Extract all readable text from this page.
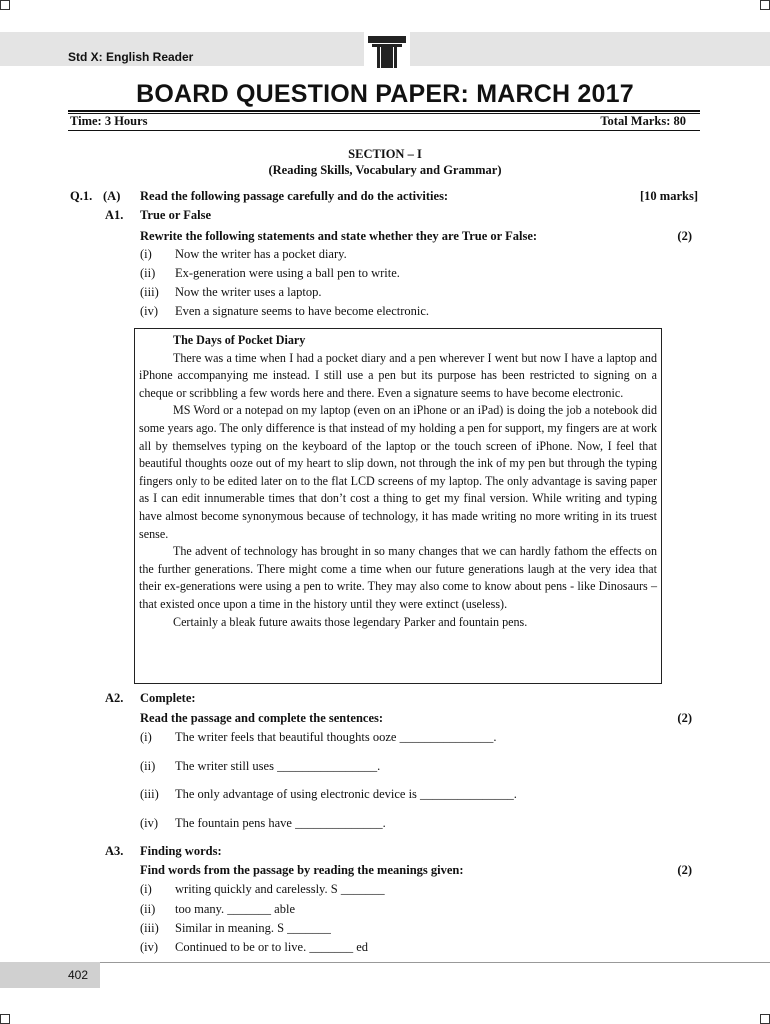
Std X: English Reader
BOARD QUESTION PAPER: MARCH 2017
Time: 3 Hours	Total Marks: 80
SECTION – I
(Reading Skills, Vocabulary and Grammar)
Q.1. (A) Read the following passage carefully and do the activities:	[10 marks]
A1. True or False
Rewrite the following statements and state whether they are True or False:	(2)
(i) Now the writer has a pocket diary.
(ii) Ex-generation were using a ball pen to write.
(iii) Now the writer uses a laptop.
(iv) Even a signature seems to have become electronic.
The Days of Pocket Diary

There was a time when I had a pocket diary and a pen wherever I went but now I have a laptop and iPhone accompanying me instead. I still use a pen but its purpose has been restricted to signing on a cheque or scribbling a few words here and there. Even a signature seems to have become electronic.

MS Word or a notepad on my laptop (even on an iPhone or an iPad) is doing the job a notebook did some years ago. The only difference is that instead of my holding a pen for support, my fingers are at work all by themselves typing on the keyboard of the laptop or the touch screen of iPhone. Now, I feel that beautiful thoughts ooze out of my heart to slip down, not through the ink of my pen but through the typing fingers only to be edited later on to the flat LCD screens of my laptop. The only advantage is saving paper as I can edit innumerable times that don’t cost a thing to get my final version. While writing and typing have almost become synonymous because of technology, it has made writing no more writing in its truest sense.

The advent of technology has brought in so many changes that we can hardly fathom the effects on the further generations. There might come a time when our future generations laugh at the very idea that their ex-generations were using a pen to write. They may also come to know about pens - like Dinosaurs – that existed once upon a time in the history until they were extinct (useless).

Certainly a bleak future awaits those legendary Parker and fountain pens.

A2. Complete:
Read the passage and complete the sentences:	(2)
(i) The writer feels that beautiful thoughts ooze _______________.
(ii) The writer still uses ________________.
(iii) The only advantage of using electronic device is _______________.
(iv) The fountain pens have ______________.
A3. Finding words:
Find words from the passage by reading the meanings given:	(2)
(i) writing quickly and carelessly. S _______
(ii) too many. _______ able
(iii) Similar in meaning. S _______
(iv) Continued to be or to live. _______ ed
402
